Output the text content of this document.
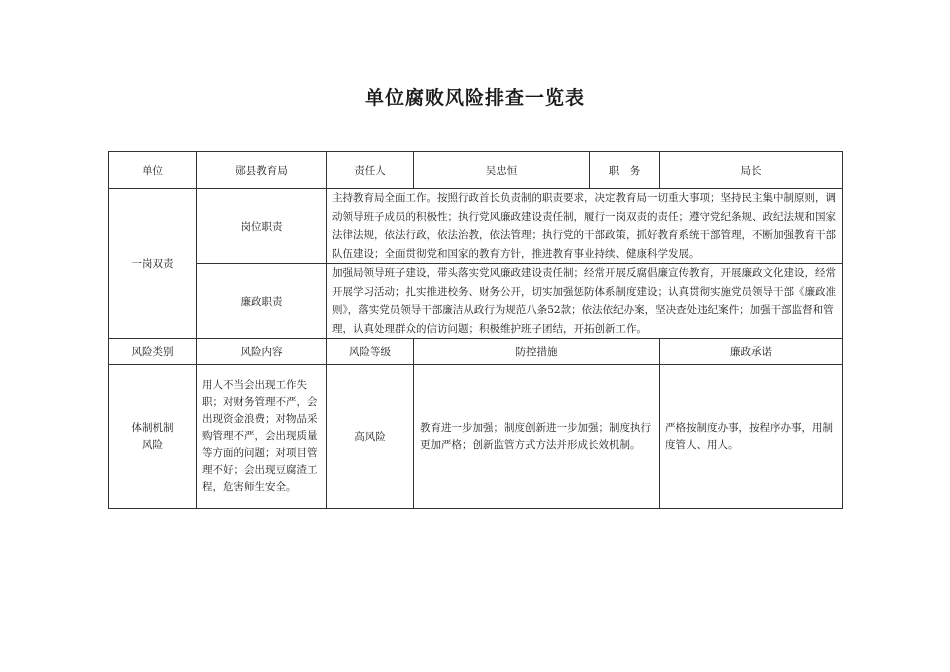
单位腐败风险排查一览表
单位	郧县教育局	责任人	吴忠恒	职　务	局长
一岗双责	岗位职责	主持教育局全面工作。按照行政首长负责制的职责要求，决定教育局一切重大事项；坚持民主集中制原则，调动领导班子成员的积极性；执行党风廉政建设责任制，履行一岗双责的责任；遵守党纪条规、政纪法规和国家法律法规，依法行政，依法治教，依法管理；执行党的干部政策，抓好教育系统干部管理，不断加强教育干部队伍建设；全面贯彻党和国家的教育方针，推进教育事业持续、健康科学发展。			
	廉政职责	加强局领导班子建设，带头落实党风廉政建设责任制；经常开展反腐倡廉宣传教育，开展廉政文化建设，经常开展学习活动；扎实推进校务、财务公开，切实加强惩防体系制度建设；认真贯彻实施党员领导干部《廉政准则》，落实党员领导干部廉洁从政行为规范八条52款；依法依纪办案，坚决查处违纪案件；加强干部监督和管理，认真处理群众的信访问题；积极维护班子团结，开拓创新工作。			
风险类别	风险内容	风险等级	防控措施		廉政承诺
体制机制风险	用人不当会出现工作失职；对财务管理不严，会出现资金浪费；对物品采购管理不严，会出现质量等方面的问题；对项目管理不好；会出现豆腐渣工程，危害师生安全。	高风险	教育进一步加强；制度创新进一步加强；制度执行更加严格；创新监管方式方法并形成长效机制。		严格按制度办事，按程序办事，用制度管人、用人。
